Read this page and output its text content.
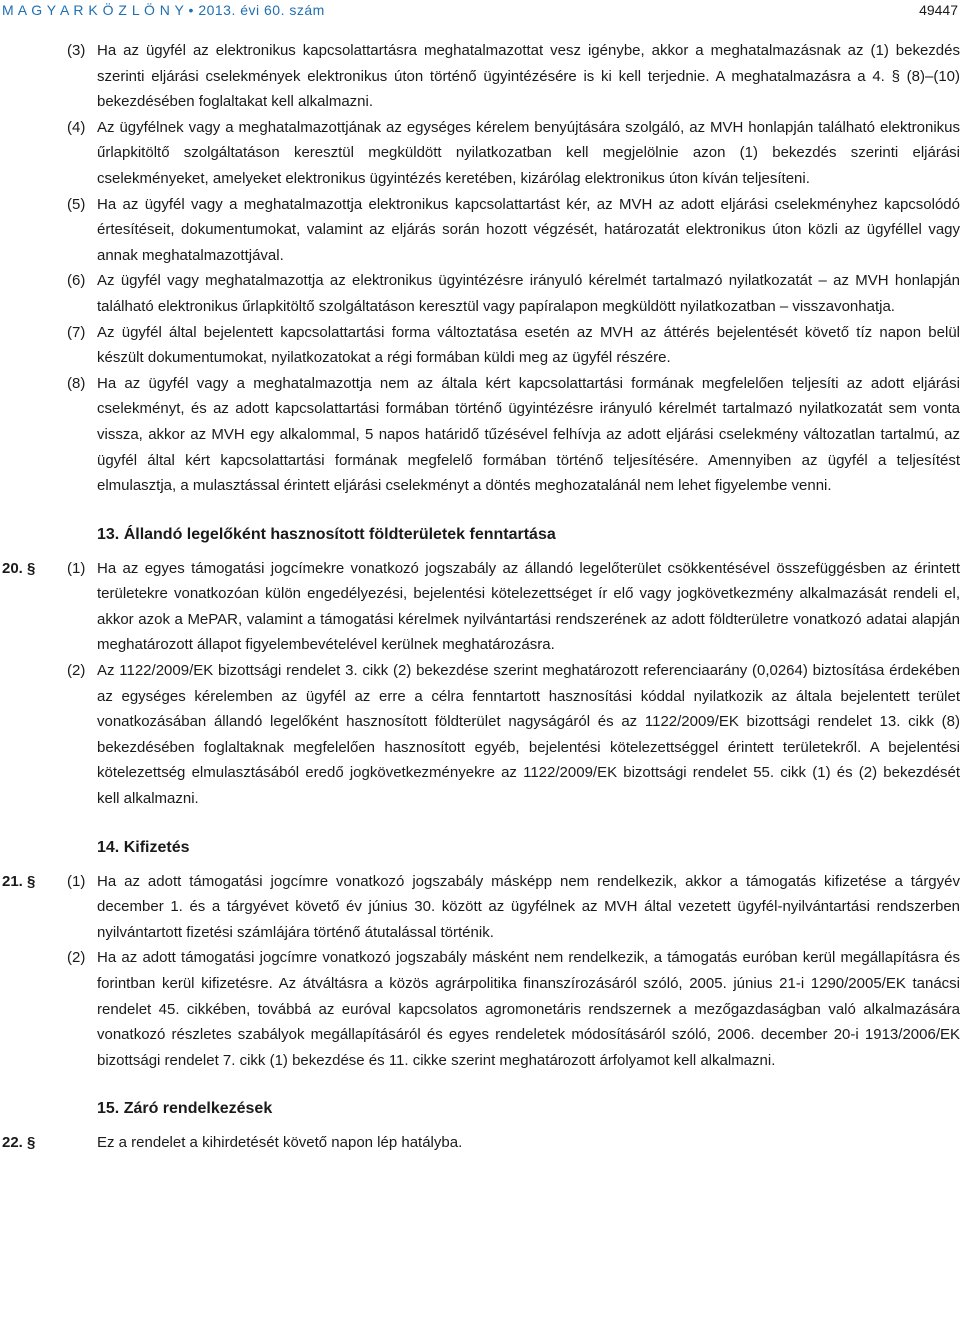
M A G Y A R K Ö Z L Ö N Y • 2013. évi 60. szám	49447
(3) Ha az ügyfél az elektronikus kapcsolattartásra meghatalmazottat vesz igénybe, akkor a meghatalmazásnak az (1) bekezdés szerinti eljárási cselekmények elektronikus úton történő ügyintézésére is ki kell terjednie. A meghatalmazásra a 4. § (8)–(10) bekezdésében foglaltakat kell alkalmazni.
(4) Az ügyfélnek vagy a meghatalmazottjának az egységes kérelem benyújtására szolgáló, az MVH honlapján található elektronikus űrlapkitöltő szolgáltatáson keresztül megküldött nyilatkozatban kell megjelölnie azon (1) bekezdés szerinti eljárási cselekményeket, amelyeket elektronikus ügyintézés keretében, kizárólag elektronikus úton kíván teljesíteni.
(5) Ha az ügyfél vagy a meghatalmazottja elektronikus kapcsolattartást kér, az MVH az adott eljárási cselekményhez kapcsolódó értesítéseit, dokumentumokat, valamint az eljárás során hozott végzését, határozatát elektronikus úton közli az ügyféllel vagy annak meghatalmazottjával.
(6) Az ügyfél vagy meghatalmazottja az elektronikus ügyintézésre irányuló kérelmét tartalmazó nyilatkozatát – az MVH honlapján található elektronikus űrlapkitöltő szolgáltatáson keresztül vagy papíralapon megküldött nyilatkozatban – visszavonhatja.
(7) Az ügyfél által bejelentett kapcsolattartási forma változtatása esetén az MVH az áttérés bejelentését követő tíz napon belül készült dokumentumokat, nyilatkozatokat a régi formában küldi meg az ügyfél részére.
(8) Ha az ügyfél vagy a meghatalmazottja nem az általa kért kapcsolattartási formának megfelelően teljesíti az adott eljárási cselekményt, és az adott kapcsolattartási formában történő ügyintézésre irányuló kérelmét tartalmazó nyilatkozatát sem vonta vissza, akkor az MVH egy alkalommal, 5 napos határidő tűzésével felhívja az adott eljárási cselekmény változatlan tartalmú, az ügyfél által kért kapcsolattartási formának megfelelő formában történő teljesítésére. Amennyiben az ügyfél a teljesítést elmulasztja, a mulasztással érintett eljárási cselekményt a döntés meghozatalánál nem lehet figyelembe venni.
13. Állandó legelőként hasznosított földterületek fenntartása
20. § (1) Ha az egyes támogatási jogcímekre vonatkozó jogszabály az állandó legelőterület csökkentésével összefüggésben az érintett területekre vonatkozóan külön engedélyezési, bejelentési kötelezettséget ír elő vagy jogkövetkezmény alkalmazását rendeli el, akkor azok a MePAR, valamint a támogatási kérelmek nyilvántartási rendszerének az adott földterületre vonatkozó adatai alapján meghatározott állapot figyelembevételével kerülnek meghatározásra.
(2) Az 1122/2009/EK bizottsági rendelet 3. cikk (2) bekezdése szerint meghatározott referenciaarány (0,0264) biztosítása érdekében az egységes kérelemben az ügyfél az erre a célra fenntartott hasznosítási kóddal nyilatkozik az általa bejelentett terület vonatkozásában állandó legelőként hasznosított földterület nagyságáról és az 1122/2009/EK bizottsági rendelet 13. cikk (8) bekezdésében foglaltaknak megfelelően hasznosított egyéb, bejelentési kötelezettséggel érintett területekről. A bejelentési kötelezettség elmulasztásából eredő jogkövetkezményekre az 1122/2009/EK bizottsági rendelet 55. cikk (1) és (2) bekezdését kell alkalmazni.
14. Kifizetés
21. § (1) Ha az adott támogatási jogcímre vonatkozó jogszabály másképp nem rendelkezik, akkor a támogatás kifizetése a tárgyév december 1. és a tárgyévet követő év június 30. között az ügyfélnek az MVH által vezetett ügyfél-nyilvántartási rendszerben nyilvántartott fizetési számlájára történő átutalással történik.
(2) Ha az adott támogatási jogcímre vonatkozó jogszabály másként nem rendelkezik, a támogatás euróban kerül megállapításra és forintban kerül kifizetésre. Az átváltásra a közös agrárpolitika finanszírozásáról szóló, 2005. június 21-i 1290/2005/EK tanácsi rendelet 45. cikkében, továbbá az euróval kapcsolatos agromonetáris rendszernek a mezőgazdaságban való alkalmazására vonatkozó részletes szabályok megállapításáról és egyes rendeletek módosításáról szóló, 2006. december 20-i 1913/2006/EK bizottsági rendelet 7. cikk (1) bekezdése és 11. cikke szerint meghatározott árfolyamot kell alkalmazni.
15. Záró rendelkezések
22. §	Ez a rendelet a kihirdetését követő napon lép hatályba.
